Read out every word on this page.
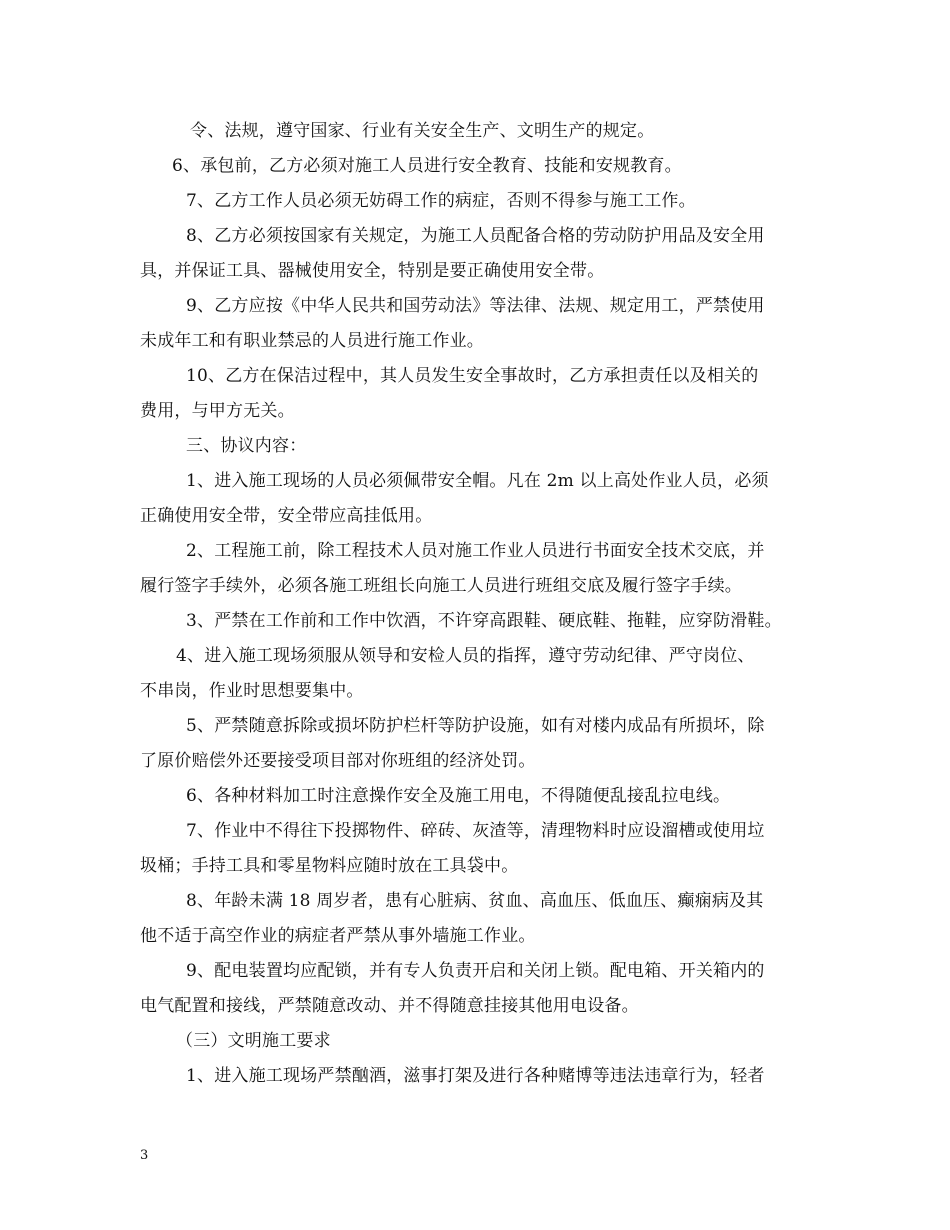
令、法规，遵守国家、行业有关安全生产、文明生产的规定。
6、承包前，乙方必须对施工人员进行安全教育、技能和安规教育。
7、乙方工作人员必须无妨碍工作的病症，否则不得参与施工工作。
8、乙方必须按国家有关规定，为施工人员配备合格的劳动防护用品及安全用
具，并保证工具、器械使用安全，特别是要正确使用安全带。
9、乙方应按《中华人民共和国劳动法》等法律、法规、规定用工，严禁使用
未成年工和有职业禁忌的人员进行施工作业。
10、乙方在保洁过程中，其人员发生安全事故时，乙方承担责任以及相关的
费用，与甲方无关。
三、协议内容：
1、进入施工现场的人员必须佩带安全帽。凡在 2m 以上高处作业人员，必须
正确使用安全带，安全带应高挂低用。
2、工程施工前，除工程技术人员对施工作业人员进行书面安全技术交底，并
履行签字手续外，必须各施工班组长向施工人员进行班组交底及履行签字手续。
3、严禁在工作前和工作中饮酒，不许穿高跟鞋、硬底鞋、拖鞋，应穿防滑鞋。
4、进入施工现场须服从领导和安检人员的指挥，遵守劳动纪律、严守岗位、
不串岗，作业时思想要集中。
5、严禁随意拆除或损坏防护栏杆等防护设施，如有对楼内成品有所损坏，除
了原价赔偿外还要接受项目部对你班组的经济处罚。
6、各种材料加工时注意操作安全及施工用电，不得随便乱接乱拉电线。
7、作业中不得往下投掷物件、碎砖、灰渣等，清理物料时应设溜槽或使用垃
圾桶；手持工具和零星物料应随时放在工具袋中。
8、年龄未满 18 周岁者，患有心脏病、贫血、高血压、低血压、癫痫病及其
他不适于高空作业的病症者严禁从事外墙施工作业。
9、配电装置均应配锁，并有专人负责开启和关闭上锁。配电箱、开关箱内的
电气配置和接线，严禁随意改动、并不得随意挂接其他用电设备。
（三）文明施工要求
1、进入施工现场严禁酗酒，滋事打架及进行各种赌博等违法违章行为，轻者
3
